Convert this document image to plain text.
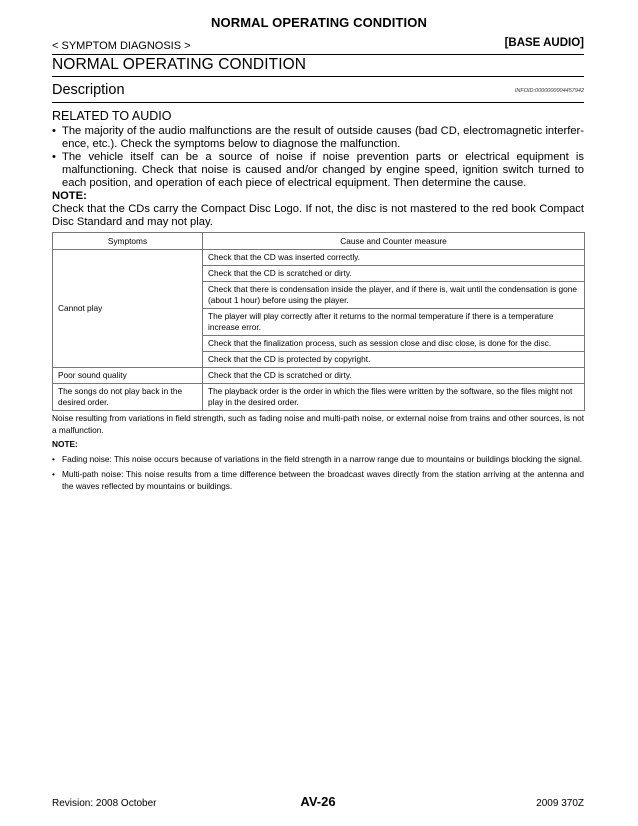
NORMAL OPERATING CONDITION
< SYMPTOM DIAGNOSIS >	[BASE AUDIO]
NORMAL OPERATING CONDITION
Description	INFOID:0000000004457942
RELATED TO AUDIO
• The majority of the audio malfunctions are the result of outside causes (bad CD, electromagnetic interfer- ence, etc.). Check the symptoms below to diagnose the malfunction.
• The vehicle itself can be a source of noise if noise prevention parts or electrical equipment is malfunctioning. Check that noise is caused and/or changed by engine speed, ignition switch turned to each position, and operation of each piece of electrical equipment. Then determine the cause.
NOTE:
Check that the CDs carry the Compact Disc Logo. If not, the disc is not mastered to the red book Compact Disc Standard and may not play.
Symptoms	Cause and Counter measure
Cannot play	Check that the CD was inserted correctly.
	Check that the CD is scratched or dirty.
	Check that there is condensation inside the player, and if there is, wait until the condensation is gone (about 1 hour) before using the player.
	The player will play correctly after it returns to the normal temperature if there is a temperature increase error.
	Check that the finalization process, such as session close and disc close, is done for the disc.
	Check that the CD is protected by copyright.
Poor sound quality	Check that the CD is scratched or dirty.
The songs do not play back in the desired order.	The playback order is the order in which the files were written by the software, so the files might not play in the desired order.

Noise resulting from variations in field strength, such as fading noise and multi-path noise, or external noise from trains and other sources, is not a malfunction.

NOTE:
• Fading noise: This noise occurs because of variations in the field strength in a narrow range due to mountains or buildings blocking the signal.
• Multi-path noise: This noise results from a time difference between the broadcast waves directly from the station arriving at the antenna and the waves reflected by mountains or buildings.
Revision: 2008 October	AV-26	2009 370Z
